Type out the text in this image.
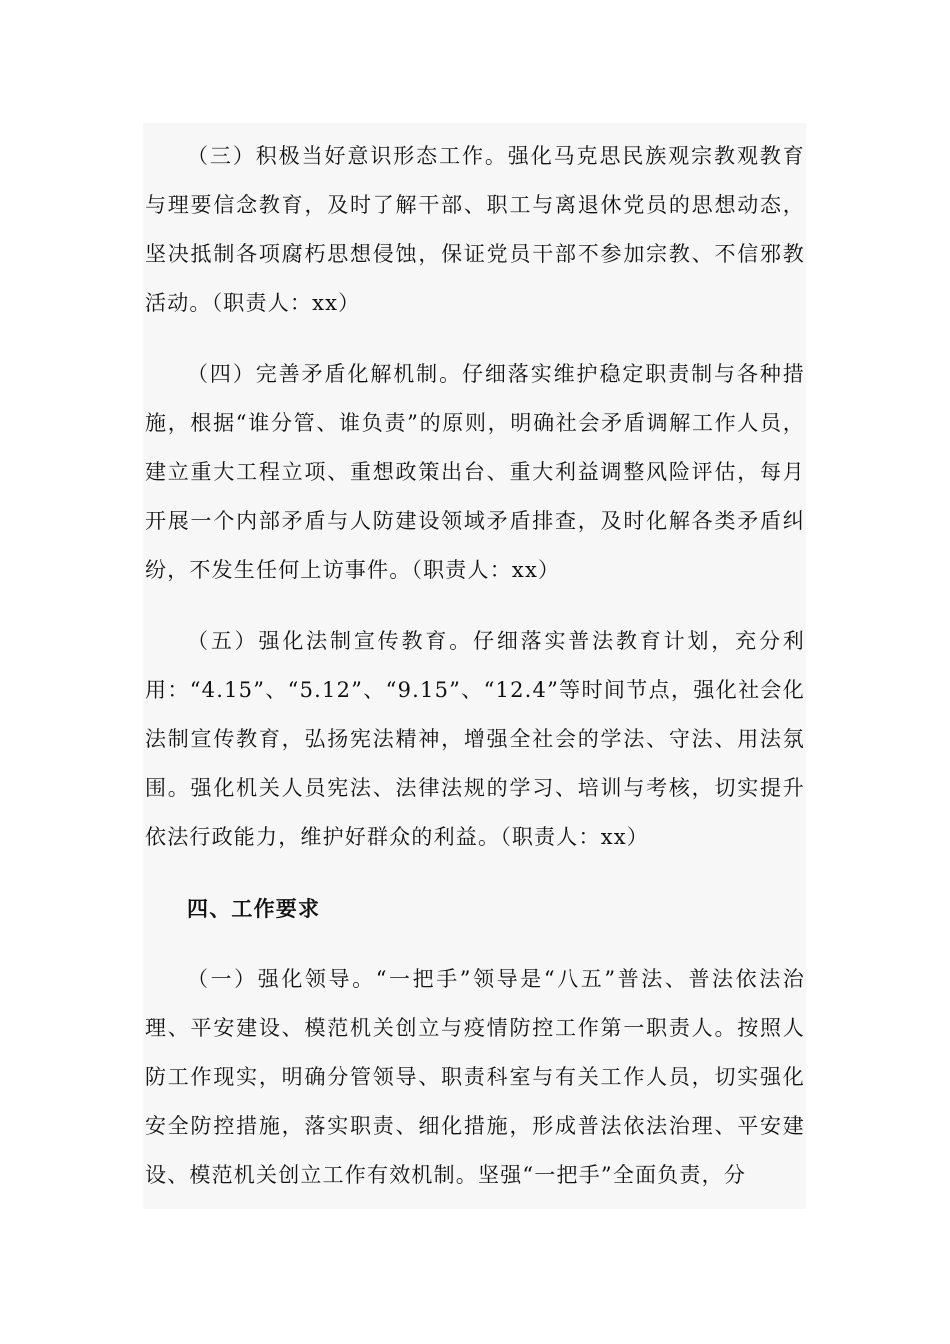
（三）积极当好意识形态工作。强化马克思民族观宗教观教育与理要信念教育，及时了解干部、职工与离退休党员的思想动态，坚决抵制各项腐朽思想侵蚀，保证党员干部不参加宗教、不信邪教活动。（职责人：xx）

（四）完善矛盾化解机制。仔细落实维护稳定职责制与各种措施，根据“谁分管、谁负责”的原则，明确社会矛盾调解工作人员，建立重大工程立项、重想政策出台、重大利益调整风险评估，每月开展一个内部矛盾与人防建设领域矛盾排查，及时化解各类矛盾纠纷，不发生任何上访事件。（职责人：xx）

（五）强化法制宣传教育。仔细落实普法教育计划，充分利用：“4.15”、“5.12”、“9.15”、“12.4”等时间节点，强化社会化法制宣传教育，弘扬宪法精神，增强全社会的学法、守法、用法氛围。强化机关人员宪法、法律法规的学习、培训与考核，切实提升依法行政能力，维护好群众的利益。（职责人：xx）

四、工作要求

（一）强化领导。“一把手”领导是“八五”普法、普法依法治理、平安建设、模范机关创立与疫情防控工作第一职责人。按照人防工作现实，明确分管领导、职责科室与有关工作人员，切实强化安全防控措施，落实职责、细化措施，形成普法依法治理、平安建设、模范机关创立工作有效机制。坚强“一把手”全面负责，分
